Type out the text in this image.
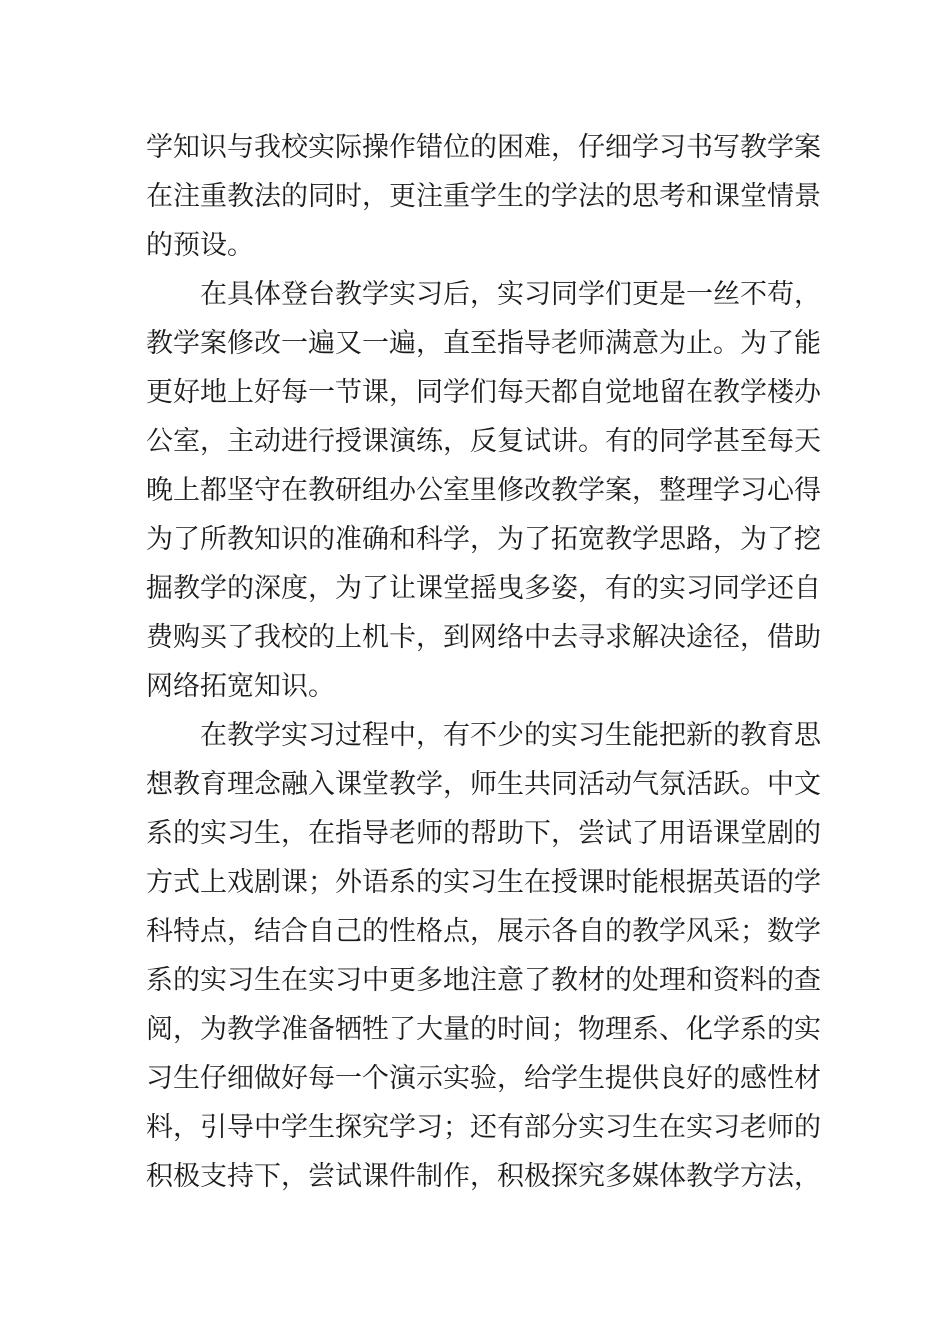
学知识与我校实际操作错位的困难，仔细学习书写教学案
在注重教法的同时，更注重学生的学法的思考和课堂情景
的预设。
在具体登台教学实习后，实习同学们更是一丝不苟，
教学案修改一遍又一遍，直至指导老师满意为止。为了能
更好地上好每一节课，同学们每天都自觉地留在教学楼办
公室，主动进行授课演练，反复试讲。有的同学甚至每天
晚上都坚守在教研组办公室里修改教学案，整理学习心得
为了所教知识的准确和科学，为了拓宽教学思路，为了挖
掘教学的深度，为了让课堂摇曳多姿，有的实习同学还自
费购买了我校的上机卡，到网络中去寻求解决途径，借助
网络拓宽知识。
在教学实习过程中，有不少的实习生能把新的教育思
想教育理念融入课堂教学，师生共同活动气氛活跃。中文
系的实习生，在指导老师的帮助下，尝试了用语课堂剧的
方式上戏剧课；外语系的实习生在授课时能根据英语的学
科特点，结合自己的性格点，展示各自的教学风采；数学
系的实习生在实习中更多地注意了教材的处理和资料的查
阅，为教学准备牺牲了大量的时间；物理系、化学系的实
习生仔细做好每一个演示实验，给学生提供良好的感性材
料，引导中学生探究学习；还有部分实习生在实习老师的
积极支持下，尝试课件制作，积极探究多媒体教学方法，
